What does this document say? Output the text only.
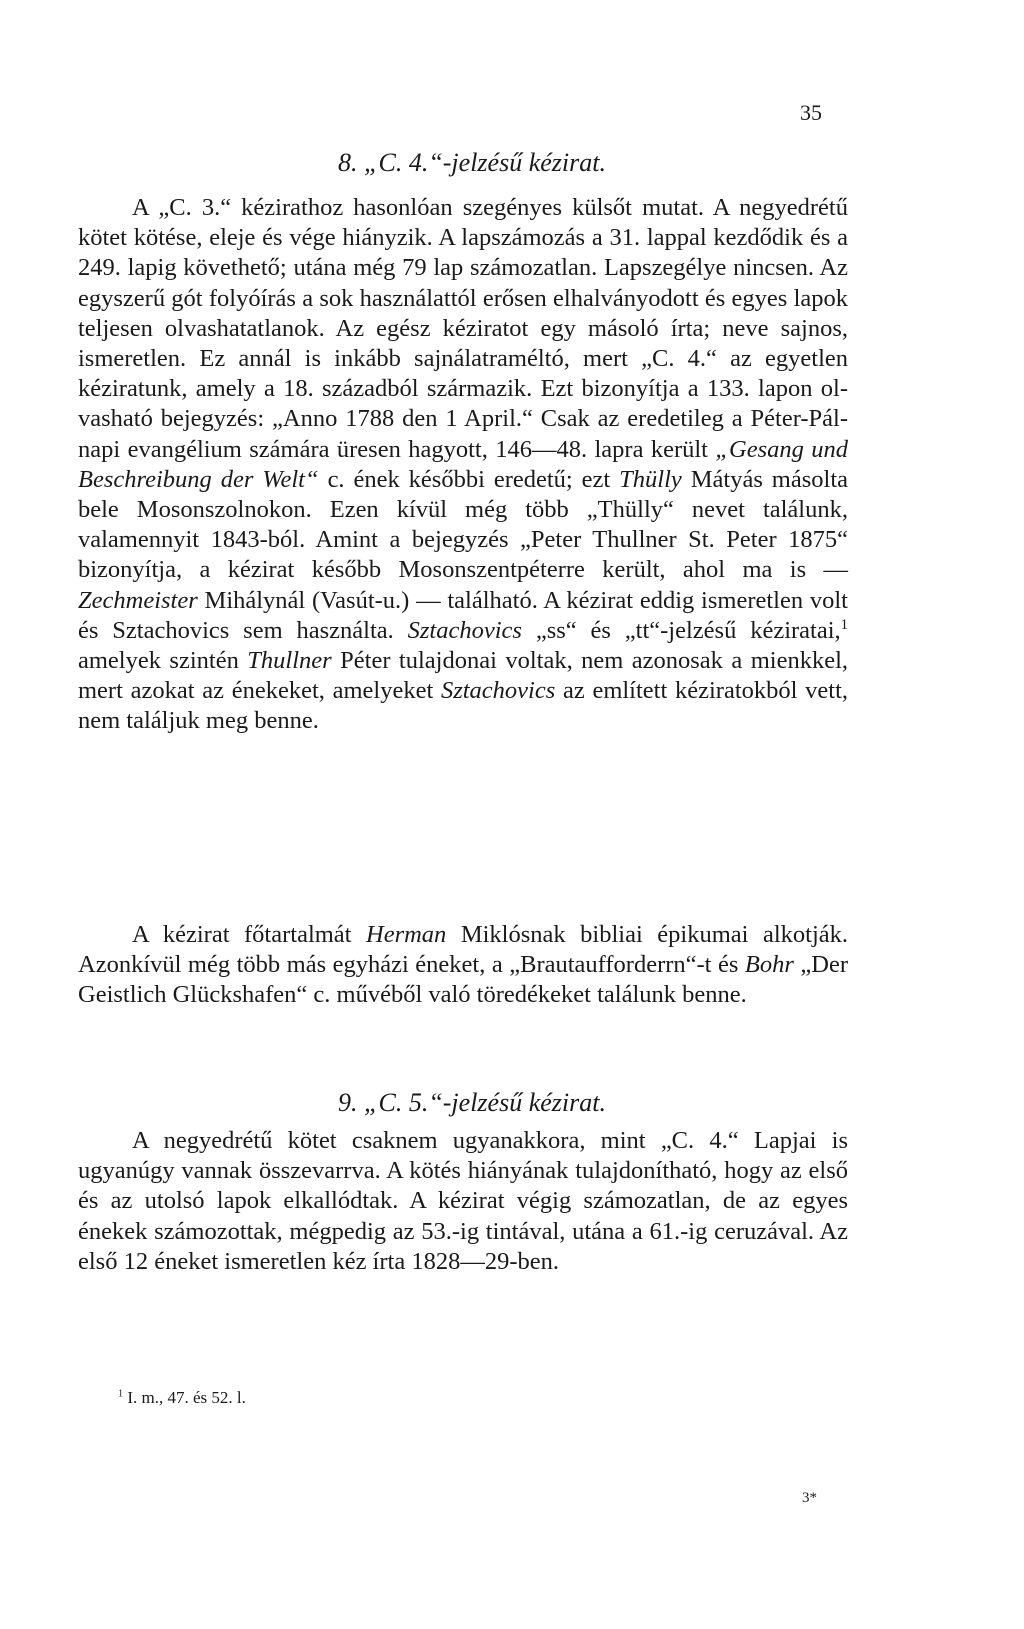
35
8. „C. 4.“-jelzésű kézirat.
A „C. 3.“ kézirathoz hasonlóan szegényes külsőt mutat. A negyedrétű kötet kötése, eleje és vége hiányzik. A lapszámozás a 31. lappal kezdődik és a 249. lapig követhető; utána még 79 lap számozatlan. Lapszegélye nincsen. Az egyszerű gót folyóírás a sok használattól erősen elhalványodott és egyes lapok teljesen olvashatatlanok. Az egész kéziratot egy másoló írta; neve sajnos, ismeretlen. Ez annál is inkább sajnálatraméltó, mert „C. 4.“ az egyetlen kéziratunk, amely a 18. századból származik. Ezt bizonyítja a 133. lapon olvasható bejegyzés: „Anno 1788 den 1 April.“ Csak az eredetileg a Péter-Pál-napi evangélium számára üresen hagyott, 146—48. lapra került „Gesang und Beschreibung der Welt“ c. ének későbbi eredetű; ezt Thülly Mátyás másolta bele Mosonszolnokon. Ezen kívül még több „Thülly“ nevet találunk, valamennyit 1843-ból. Amint a bejegyzés „Peter Thullner St. Peter 1875“ bizonyítja, a kézirat később Mosonszentpéterre került, ahol ma is — Zechmeister Mihálynál (Vasút-u.) — található. A kézirat eddig ismeretlen volt és Sztachovics sem használta. Sztachovics „ss“ és „tt“-jelzésű kéziratai,$^1$ amelyek szintén Thullner Péter tulajdonai voltak, nem azonosak a mienkkel, mert azokat az énekeket, amelyeket Sztachovics az említett kéziratokból vett, nem találjuk meg benne.
A kézirat főtartalmát Herman Miklósnak bibliai épikumai alkotják. Azonkívül még több más egyházi éneket, a „Brautaufforderrn“-t és Bohr „Der Geistlich Glückshafen“ c. művéből való töredékeket találunk benne.
9. „C. 5.“-jelzésű kézirat.
A negyedrétű kötet csaknem ugyanakkora, mint „C. 4.“ Lapjai is ugyanúgy vannak összevarrva. A kötés hiányának tulajdonítható, hogy az első és az utolsó lapok elkallódtak. A kézirat végig számozatlan, de az egyes énekek számozottak, mégpedig az 53.-ig tintával, utána a 61.-ig ceruzával. Az első 12 éneket ismeretlen kéz írta 1828—29-ben.
$^1$ I. m., 47. és 52. l.
3*
